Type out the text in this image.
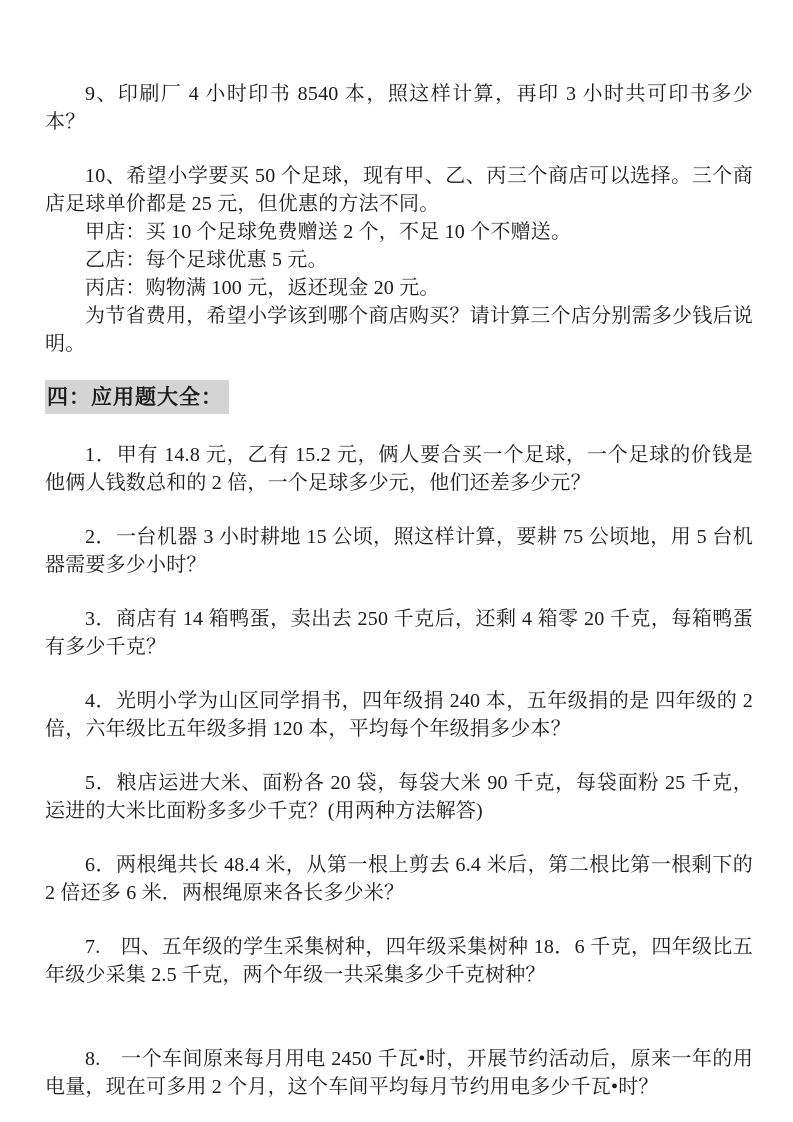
9、印刷厂 4 小时印书 8540 本，照这样计算，再印 3 小时共可印书多少本？

10、希望小学要买 50 个足球，现有甲、乙、丙三个商店可以选择。三个商店足球单价都是 25 元，但优惠的方法不同。

甲店：买 10 个足球免费赠送 2 个，不足 10 个不赠送。

乙店：每个足球优惠 5 元。

丙店：购物满 100 元，返还现金 20 元。

为节省费用，希望小学该到哪个商店购买？请计算三个店分别需多少钱后说明。

四：应用题大全：

1．甲有 14.8 元，乙有 15.2 元，俩人要合买一个足球，一个足球的价钱是他俩人钱数总和的 2 倍，一个足球多少元，他们还差多少元？

2．一台机器 3 小时耕地 15 公顷，照这样计算，要耕 75 公顷地，用 5 台机器需要多少小时？

3．商店有 14 箱鸭蛋，卖出去 250 千克后，还剩 4 箱零 20 千克，每箱鸭蛋有多少千克？

4．光明小学为山区同学捐书，四年级捐 240 本，五年级捐的是 四年级的 2 倍，六年级比五年级多捐 120 本，平均每个年级捐多少本？

5．粮店运进大米、面粉各 20 袋，每袋大米 90 千克，每袋面粉 25 千克，运进的大米比面粉多多少千克？(用两种方法解答)

6．两根绳共长 48.4 米，从第一根上剪去 6.4 米后，第二根比第一根剩下的 2 倍还多 6 米．两根绳原来各长多少米？

7.　四、五年级的学生采集树种，四年级采集树种 18．6 千克，四年级比五年级少采集 2.5 千克，两个年级一共采集多少千克树种？

8.　一个车间原来每月用电 2450 千瓦•时，开展节约活动后，原来一年的用电量，现在可多用 2 个月，这个车间平均每月节约用电多少千瓦•时？
